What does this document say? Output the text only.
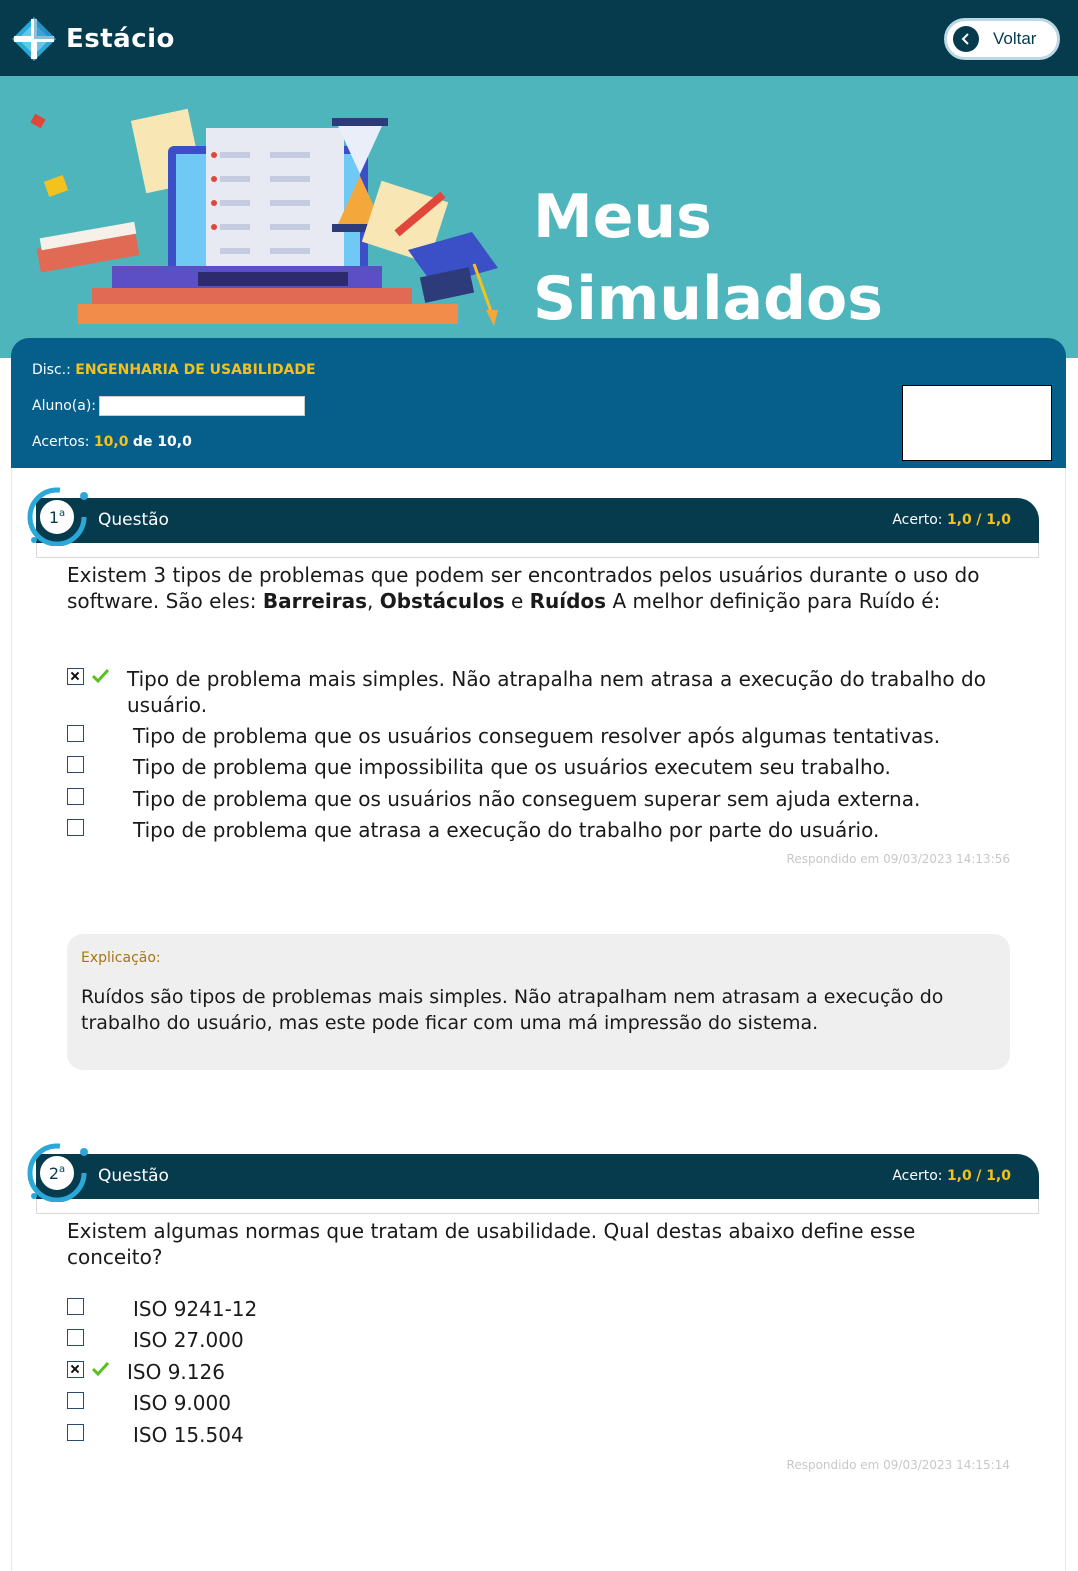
Estácio	Voltar
Meus
Simulados
Disc.: ENGENHARIA DE USABILIDADE
Aluno(a):
Acertos: 10,0 de 10,0
Questão	Acerto: 1,0 / 1,0
1$^a$
Existem 3 tipos de problemas que podem ser encontrados pelos usuários durante o uso do software. São eles: Barreiras, Obstáculos e Ruídos A melhor definição para Ruído é:
Tipo de problema mais simples. Não atrapalha nem atrasa a execução do trabalho do usuário.
Tipo de problema que os usuários conseguem resolver após algumas tentativas.
Tipo de problema que impossibilita que os usuários executem seu trabalho.
Tipo de problema que os usuários não conseguem superar sem ajuda externa.
Tipo de problema que atrasa a execução do trabalho por parte do usuário.
Respondido em 09/03/2023 14:13:56
Explicação:
Ruídos são tipos de problemas mais simples. Não atrapalham nem atrasam a execução do trabalho do usuário, mas este pode ficar com uma má impressão do sistema.
Questão	Acerto: 1,0 / 1,0
2$^a$
Existem algumas normas que tratam de usabilidade. Qual destas abaixo define esse conceito?
ISO 9241-12
ISO 27.000
ISO 9.126
ISO 9.000
ISO 15.504
Respondido em 09/03/2023 14:15:14
